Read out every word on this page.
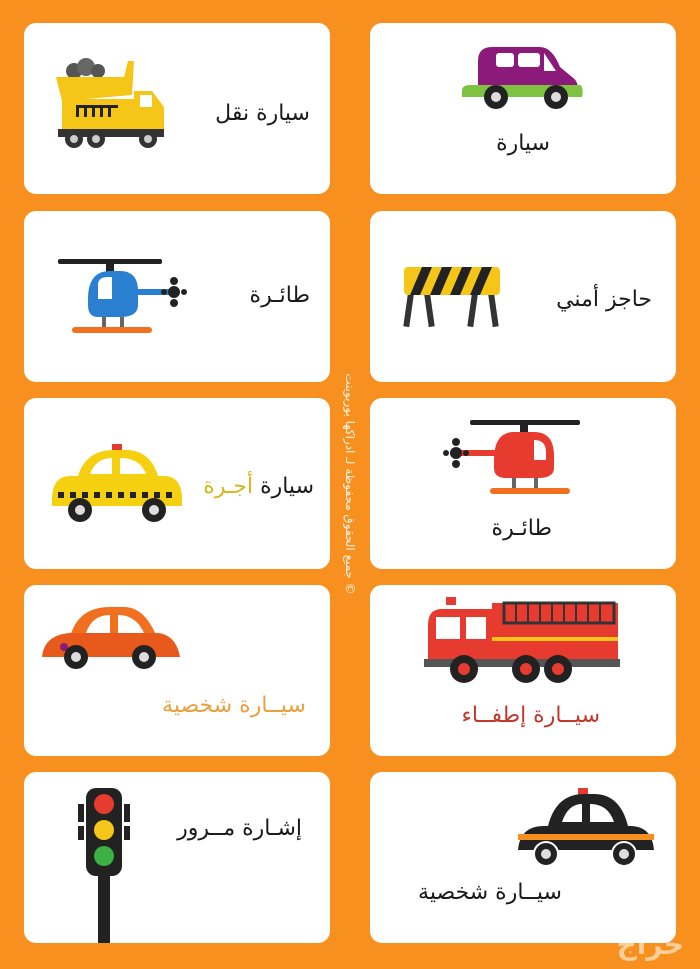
سيارة
سيارة نقل
حاجز أمني
طائـرة
طائـرة
سيارة أجـرة
سيــارة إطفــاء
سيــارة شخصية
سيــارة شخصية
إشـارة مــرور
© جميع الحقوق محفوظة لـ ادراكها بوربوينت
حراج
